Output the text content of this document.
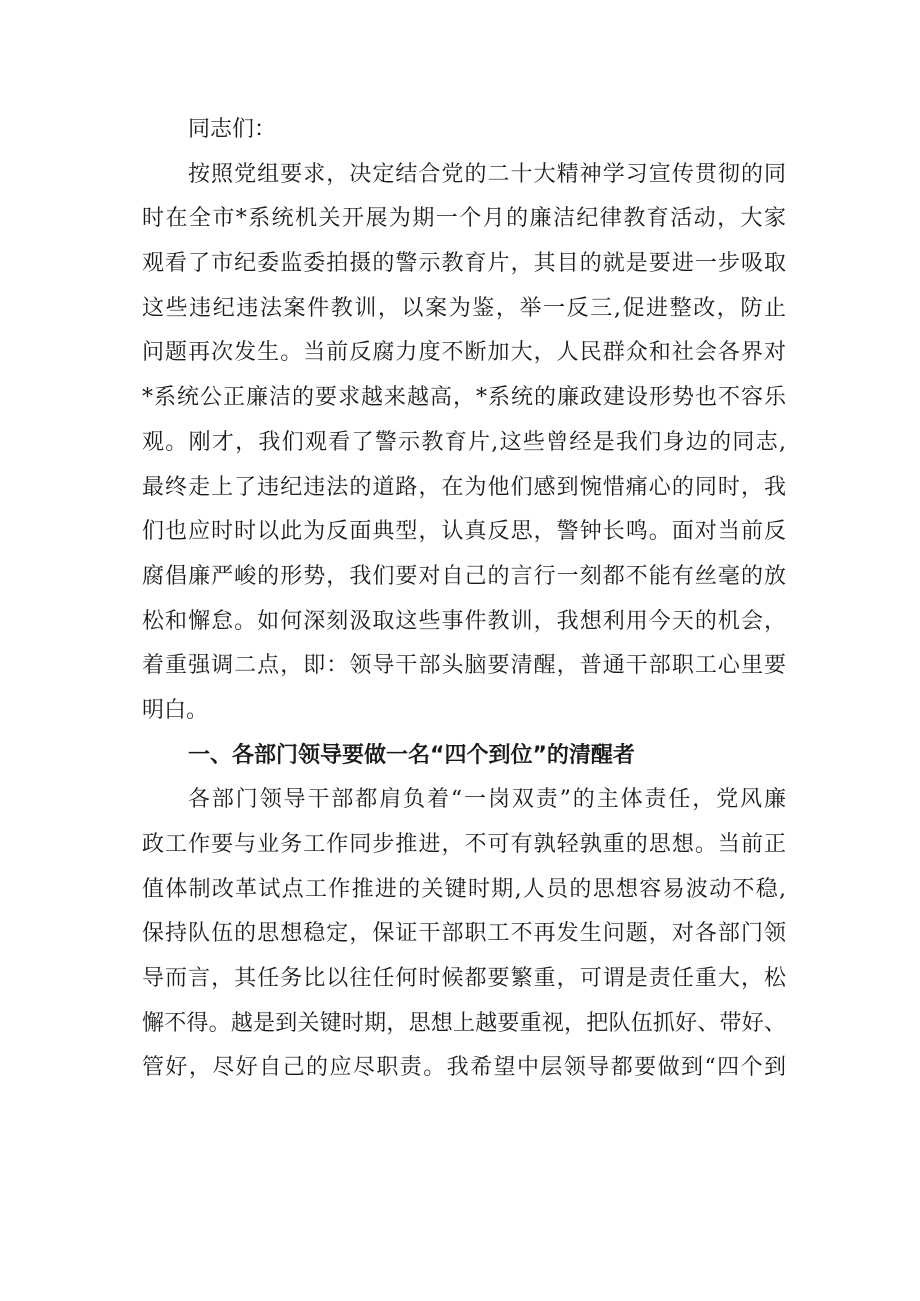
同志们：
按照党组要求，决定结合党的二十大精神学习宣传贯彻的同
时在全市*系统机关开展为期一个月的廉洁纪律教育活动，大家
观看了市纪委监委拍摄的警示教育片，其目的就是要进一步吸取
这些违纪违法案件教训，以案为鉴，举一反三,促进整改，防止
问题再次发生。当前反腐力度不断加大，人民群众和社会各界对
*系统公正廉洁的要求越来越高，*系统的廉政建设形势也不容乐
观。刚才，我们观看了警示教育片,这些曾经是我们身边的同志,
最终走上了违纪违法的道路，在为他们感到惋惜痛心的同时，我
们也应时时以此为反面典型，认真反思，警钟长鸣。面对当前反
腐倡廉严峻的形势，我们要对自己的言行一刻都不能有丝毫的放
松和懈怠。如何深刻汲取这些事件教训，我想利用今天的机会，
着重强调二点，即：领导干部头脑要清醒，普通干部职工心里要
明白。
一、各部门领导要做一名“四个到位”的清醒者
各部门领导干部都肩负着“一岗双责”的主体责任，党风廉
政工作要与业务工作同步推进，不可有孰轻孰重的思想。当前正
值体制改革试点工作推进的关键时期,人员的思想容易波动不稳,
保持队伍的思想稳定，保证干部职工不再发生问题，对各部门领
导而言，其任务比以往任何时候都要繁重，可谓是责任重大，松
懈不得。越是到关键时期，思想上越要重视，把队伍抓好、带好、
管好，尽好自己的应尽职责。我希望中层领导都要做到“四个到
